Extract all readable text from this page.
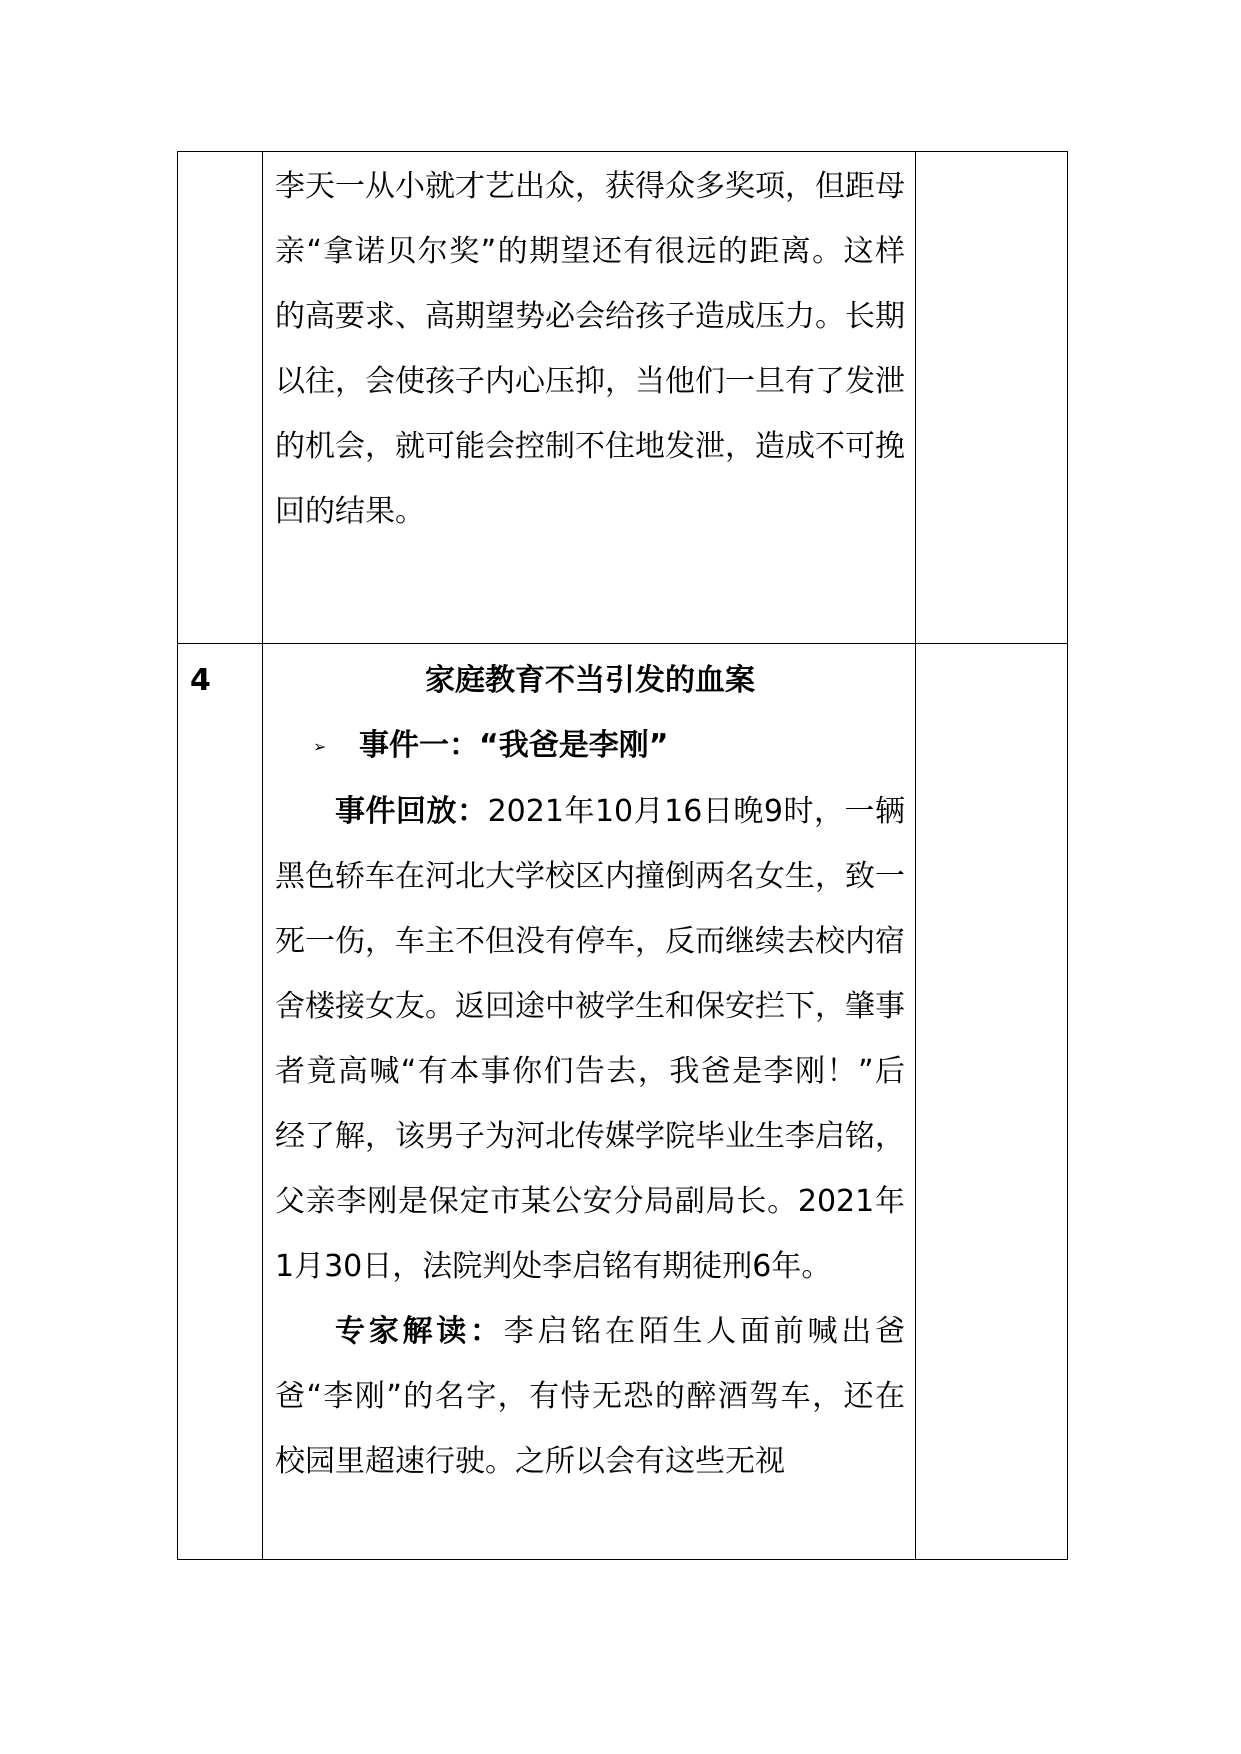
	李天一从小就才艺出众，获得众多奖项，但距母亲“拿诺贝尔奖”的期望还有很远的距离。这样的高要求、高期望势必会给孩子造成压力。长期以往，会使孩子内心压抑，当他们一旦有了发泄的机会，就可能会控制不住地发泄，造成不可挽回的结果。	

4	家庭教育不当引发的血案
➢ 事件一：“我爸是李刚”
事件回放：2021年10月16日晚9时，一辆黑色轿车在河北大学校区内撞倒两名女生，致一死一伤，车主不但没有停车，反而继续去校内宿舍楼接女友。返回途中被学生和保安拦下，肇事者竟高喊“有本事你们告去，我爸是李刚！”后经了解，该男子为河北传媒学院毕业生李启铭，父亲李刚是保定市某公安分局副局长。2021年1月30日，法院判处李启铭有期徒刑6年。
专家解读：李启铭在陌生人面前喊出爸爸“李刚”的名字，有恃无恐的醉酒驾车，还在校园里超速行驶。之所以会有这些无视	
